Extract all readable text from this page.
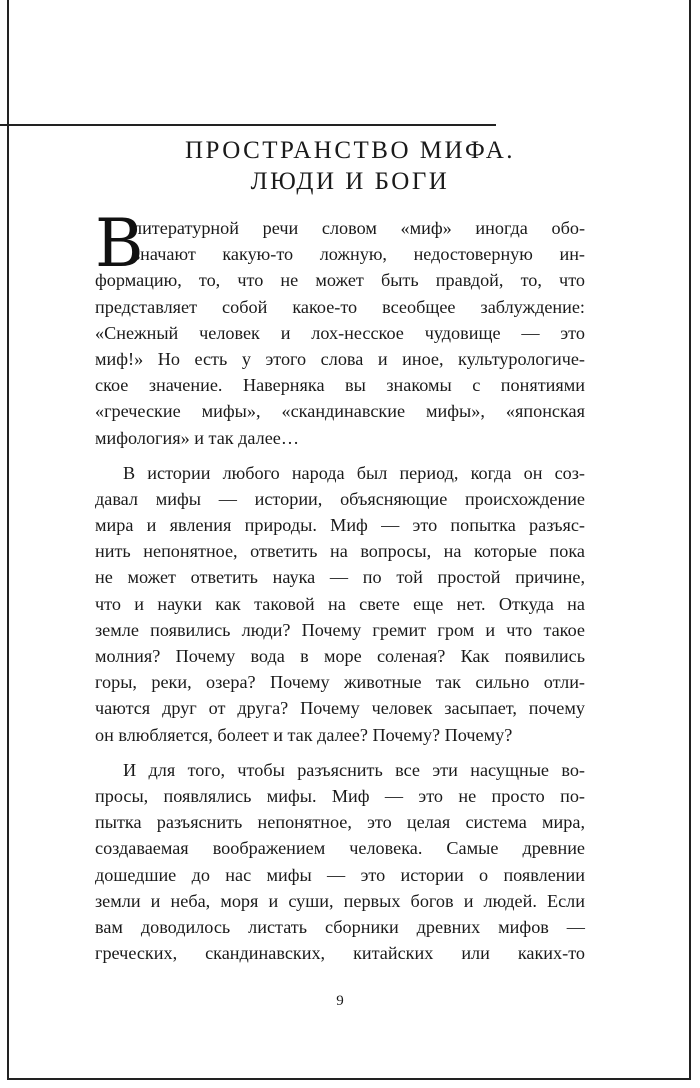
ПРОСТРАНСТВО МИФА.
ЛЮДИ И БОГИ
В
литературной речи словом «миф» иногда обо-
значают какую-то ложную, недостоверную ин-
формацию, то, что не может быть правдой, то, что
представляет собой какое-то всеобщее заблуждение:
«Снежный человек и лох-несское чудовище — это
миф!» Но есть у этого слова и иное, культурологиче-
ское значение. Наверняка вы знакомы с понятиями
«греческие мифы», «скандинавские мифы», «японская
мифология» и так далее…
В истории любого народа был период, когда он соз-
давал мифы — истории, объясняющие происхождение
мира и явления природы. Миф — это попытка разъяс-
нить непонятное, ответить на вопросы, на которые пока
не может ответить наука — по той простой причине,
что и науки как таковой на свете еще нет. Откуда на
земле появились люди? Почему гремит гром и что такое
молния? Почему вода в море соленая? Как появились
горы, реки, озера? Почему животные так сильно отли-
чаются друг от друга? Почему человек засыпает, почему
он влюбляется, болеет и так далее? Почему? Почему?
И для того, чтобы разъяснить все эти насущные во-
просы, появлялись мифы. Миф — это не просто по-
пытка разъяснить непонятное, это целая система мира,
создаваемая воображением человека. Самые древние
дошедшие до нас мифы — это истории о появлении
земли и неба, моря и суши, первых богов и людей. Если
вам доводилось листать сборники древних мифов —
греческих, скандинавских, китайских или каких-то
9
